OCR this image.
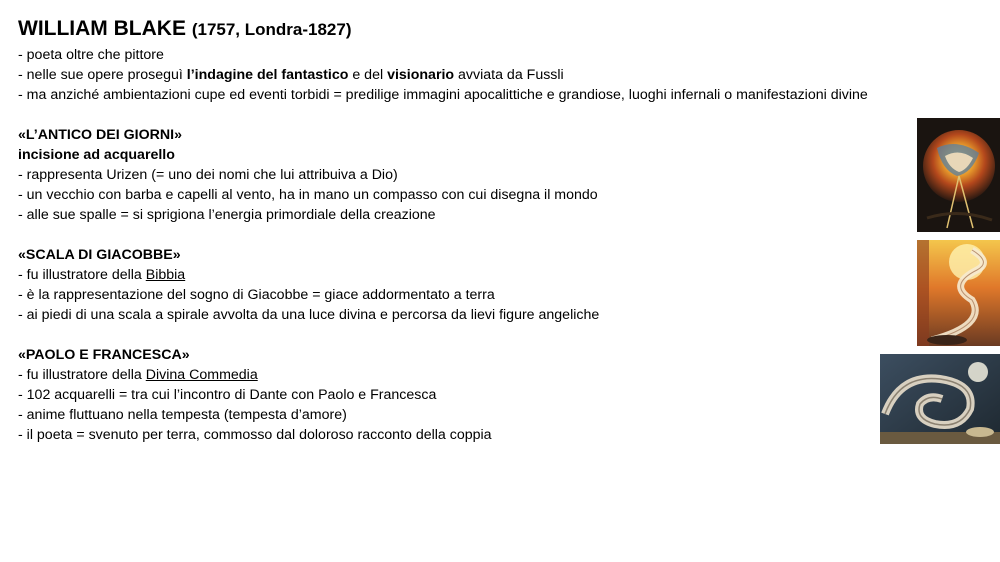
WILLIAM BLAKE (1757, Londra-1827)

- poeta oltre che pittore

- nelle sue opere proseguì l’indagine del fantastico e del visionario avviata da Fussli

- ma anziché ambientazioni cupe ed eventi torbidi = predilige immagini apocalittiche e grandiose, luoghi infernali o manifestazioni divine

«L’ANTICO DEI GIORNI»

incisione ad acquarello

- rappresenta Urizen (= uno dei nomi che lui attribuiva a Dio)

- un vecchio con barba e capelli al vento, ha in mano un compasso con cui disegna il mondo

- alle sue spalle = si sprigiona l’energia primordiale della creazione

«SCALA DI GIACOBBE»

- fu illustratore della Bibbia

- è la rappresentazione del sogno di Giacobbe = giace addormentato a terra

- ai piedi di una scala a spirale avvolta da una luce divina e percorsa da lievi figure angeliche

«PAOLO E FRANCESCA»

- fu illustratore della Divina Commedia

- 102 acquarelli = tra cui l’incontro di Dante con Paolo e Francesca

- anime fluttuano nella tempesta (tempesta d’amore)

- il poeta = svenuto per terra, commosso dal doloroso racconto della coppia
